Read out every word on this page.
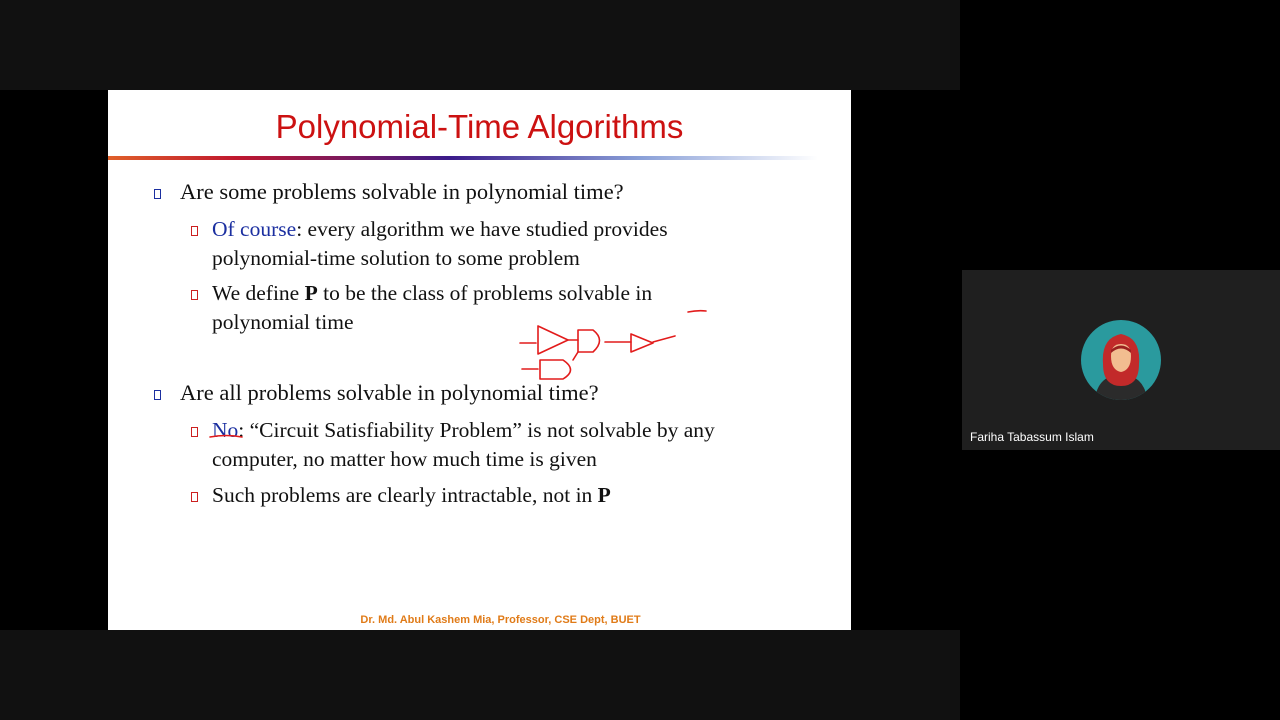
Polynomial-Time Algorithms
Are some problems solvable in polynomial time?
Of course: every algorithm we have studied provides
polynomial-time solution to some problem
We define P to be the class of problems solvable in
polynomial time
Are all problems solvable in polynomial time?
No: “Circuit Satisfiability Problem” is not solvable by any
computer, no matter how much time is given
Such problems are clearly intractable, not in P
Dr. Md. Abul Kashem Mia, Professor, CSE Dept, BUET
Fariha Tabassum Islam
